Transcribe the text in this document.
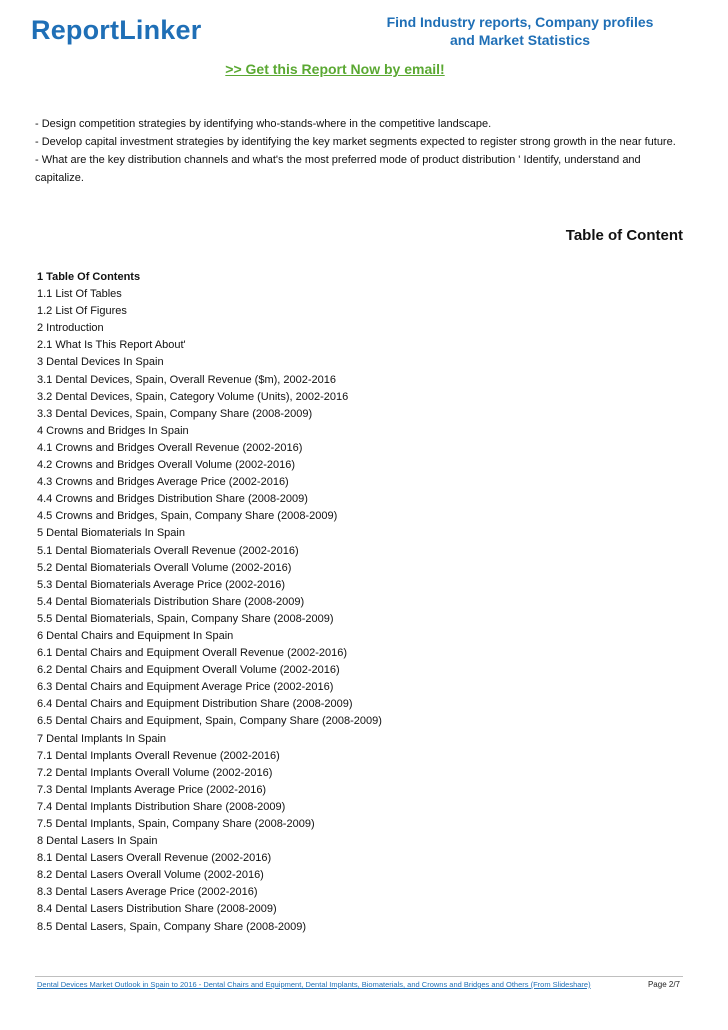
ReportLinker	Find Industry reports, Company profiles
and Market Statistics
>> Get this Report Now by email!

- Design competition strategies by identifying who-stands-where in the competitive landscape.

- Develop capital investment strategies by identifying the key market segments expected to register strong growth in the near future.

- What are the key distribution channels and what's the most preferred mode of product distribution ' Identify, understand and capitalize.

Table of Content
1 Table Of Contents
1.1 List Of Tables
1.2 List Of Figures
2 Introduction
2.1 What Is This Report About'
3 Dental Devices In Spain
3.1 Dental Devices, Spain, Overall Revenue ($m), 2002-2016
3.2 Dental Devices, Spain, Category Volume (Units), 2002-2016
3.3 Dental Devices, Spain, Company Share (2008-2009)
4 Crowns and Bridges In Spain
4.1 Crowns and Bridges Overall Revenue (2002-2016)
4.2 Crowns and Bridges Overall Volume (2002-2016)
4.3 Crowns and Bridges Average Price (2002-2016)
4.4 Crowns and Bridges Distribution Share (2008-2009)
4.5 Crowns and Bridges, Spain, Company Share (2008-2009)
5 Dental Biomaterials In Spain
5.1 Dental Biomaterials Overall Revenue (2002-2016)
5.2 Dental Biomaterials Overall Volume (2002-2016)
5.3 Dental Biomaterials Average Price (2002-2016)
5.4 Dental Biomaterials Distribution Share (2008-2009)
5.5 Dental Biomaterials, Spain, Company Share (2008-2009)
6 Dental Chairs and Equipment In Spain
6.1 Dental Chairs and Equipment Overall Revenue (2002-2016)
6.2 Dental Chairs and Equipment Overall Volume (2002-2016)
6.3 Dental Chairs and Equipment Average Price (2002-2016)
6.4 Dental Chairs and Equipment Distribution Share (2008-2009)
6.5 Dental Chairs and Equipment, Spain, Company Share (2008-2009)
7 Dental Implants In Spain
7.1 Dental Implants Overall Revenue (2002-2016)
7.2 Dental Implants Overall Volume (2002-2016)
7.3 Dental Implants Average Price (2002-2016)
7.4 Dental Implants Distribution Share (2008-2009)
7.5 Dental Implants, Spain, Company Share (2008-2009)
8 Dental Lasers In Spain
8.1 Dental Lasers Overall Revenue (2002-2016)
8.2 Dental Lasers Overall Volume (2002-2016)
8.3 Dental Lasers Average Price (2002-2016)
8.4 Dental Lasers Distribution Share (2008-2009)
8.5 Dental Lasers, Spain, Company Share (2008-2009)
Dental Devices Market Outlook in Spain to 2016 - Dental Chairs and Equipment, Dental Implants, Biomaterials, and Crowns and Bridges and Others (From Slideshare)	Page 2/7
